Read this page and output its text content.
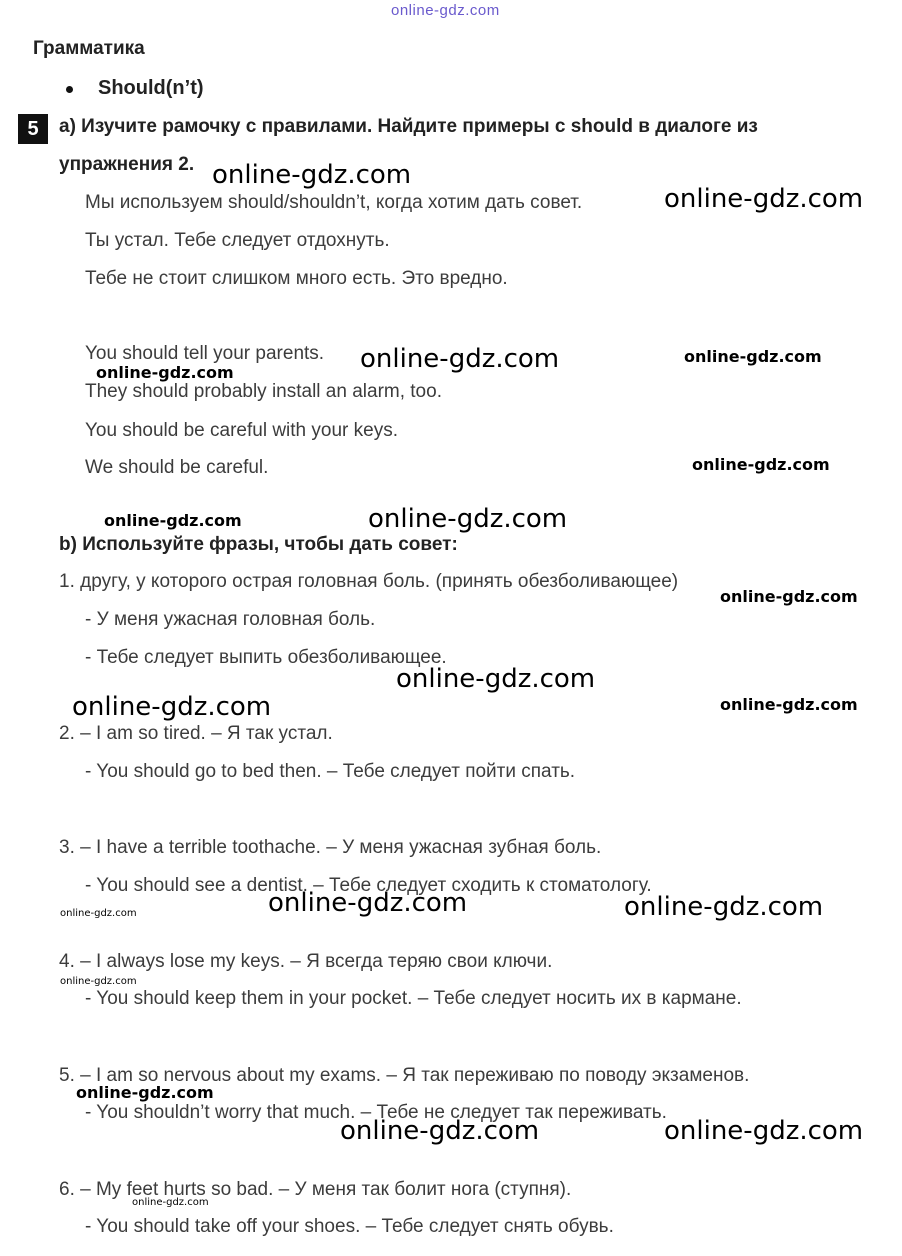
online-gdz.com
Грамматика
Should(n’t)
5	a) Изучите рамочку с правилами. Найдите примеры с should в диалоге из
упражнения 2.
Мы используем should/shouldn’t, когда хотим дать совет.
Ты устал. Тебе следует отдохнуть.
Тебе не стоит слишком много есть. Это вредно.
You should tell your parents.
They should probably install an alarm, too.
You should be careful with your keys.
We should be careful.
b) Используйте фразы, чтобы дать совет:
1. другу, у которого острая головная боль. (принять обезболивающее)
- У меня ужасная головная боль.
- Тебе следует выпить обезболивающее.
2. – I am so tired. – Я так устал.
- You should go to bed then. – Тебе следует пойти спать.
3. – I have a terrible toothache. – У меня ужасная зубная боль.
- You should see a dentist. – Тебе следует сходить к стоматологу.
4. – I always lose my keys. – Я всегда теряю свои ключи.
- You should keep them in your pocket. – Тебе следует носить их в кармане.
5. – I am so nervous about my exams. – Я так переживаю по поводу экзаменов.
- You shouldn’t worry that much. – Тебе не следует так переживать.
6. – My feet hurts so bad. – У меня так болит нога (ступня).
- You should take off your shoes. – Тебе следует снять обувь.
online-gdz.com
online-gdz.com
online-gdz.com	online-gdz.com
online-gdz.com
online-gdz.com
online-gdz.com	online-gdz.com
online-gdz.com
online-gdz.com
online-gdz.com	online-gdz.com
online-gdz.com	online-gdz.com
online-gdz.com
online-gdz.com
online-gdz.com
online-gdz.com	online-gdz.com
online-gdz.com
